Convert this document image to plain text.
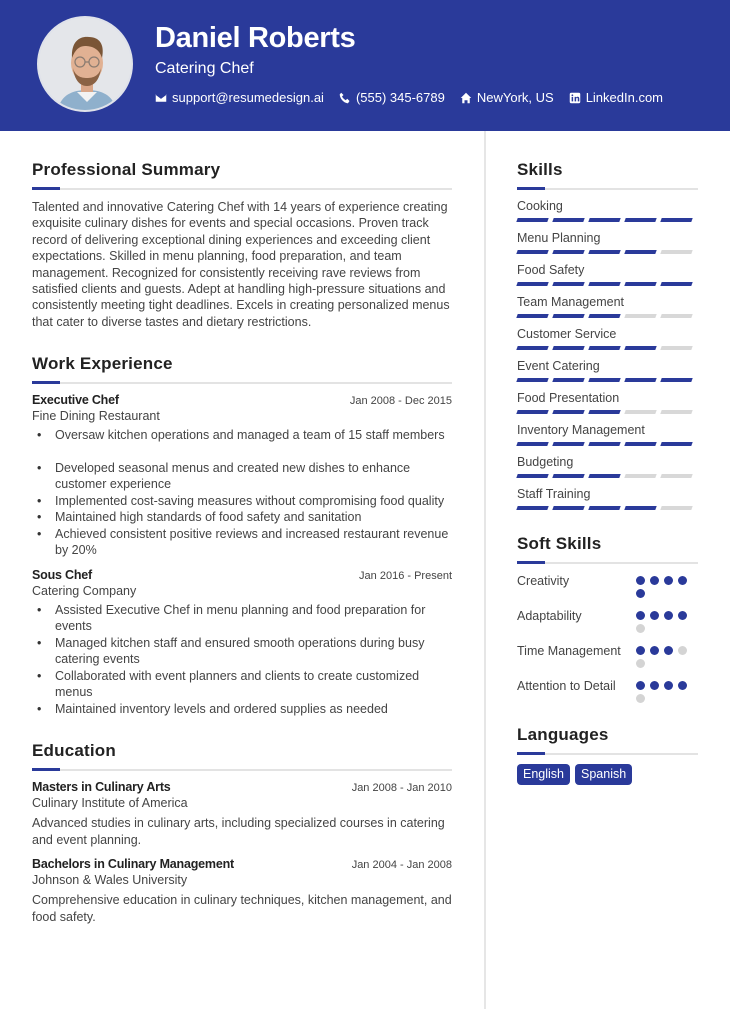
Daniel Roberts
Catering Chef
support@resumedesign.ai (555) 345-6789 NewYork, US LinkedIn.com
Professional Summary

Talented and innovative Catering Chef with 14 years of experience creating exquisite culinary dishes for events and special occasions. Proven track record of delivering exceptional dining experiences and exceeding client expectations. Skilled in menu planning, food preparation, and team management. Recognized for consistently receiving rave reviews from satisfied clients and guests. Adept at handling high-pressure situations and consistently meeting tight deadlines. Excels in creating personalized menus that cater to diverse tastes and dietary restrictions.

Work Experience
Executive Chef	Jan 2008 - Dec 2015
Fine Dining Restaurant
• Oversaw kitchen operations and managed a team of 15 staff members
• Developed seasonal menus and created new dishes to enhance customer experience
• Implemented cost-saving measures without compromising food quality
• Maintained high standards of food safety and sanitation
• Achieved consistent positive reviews and increased restaurant revenue by 20%
Sous Chef	Jan 2016 - Present
Catering Company
• Assisted Executive Chef in menu planning and food preparation for events
• Managed kitchen staff and ensured smooth operations during busy catering events
• Collaborated with event planners and clients to create customized menus
• Maintained inventory levels and ordered supplies as needed
Education
Masters in Culinary Arts	Jan 2008 - Jan 2010
Culinary Institute of America

Advanced studies in culinary arts, including specialized courses in catering and event planning.

Bachelors in Culinary Management	Jan 2004 - Jan 2008
Johnson & Wales University

Comprehensive education in culinary techniques, kitchen management, and food safety.

Skills
Cooking
Menu Planning
Food Safety
Team Management
Customer Service
Event Catering
Food Presentation
Inventory Management
Budgeting
Staff Training
Soft Skills
Creativity
Adaptability
Time Management
Attention to Detail
Languages
English	Spanish
